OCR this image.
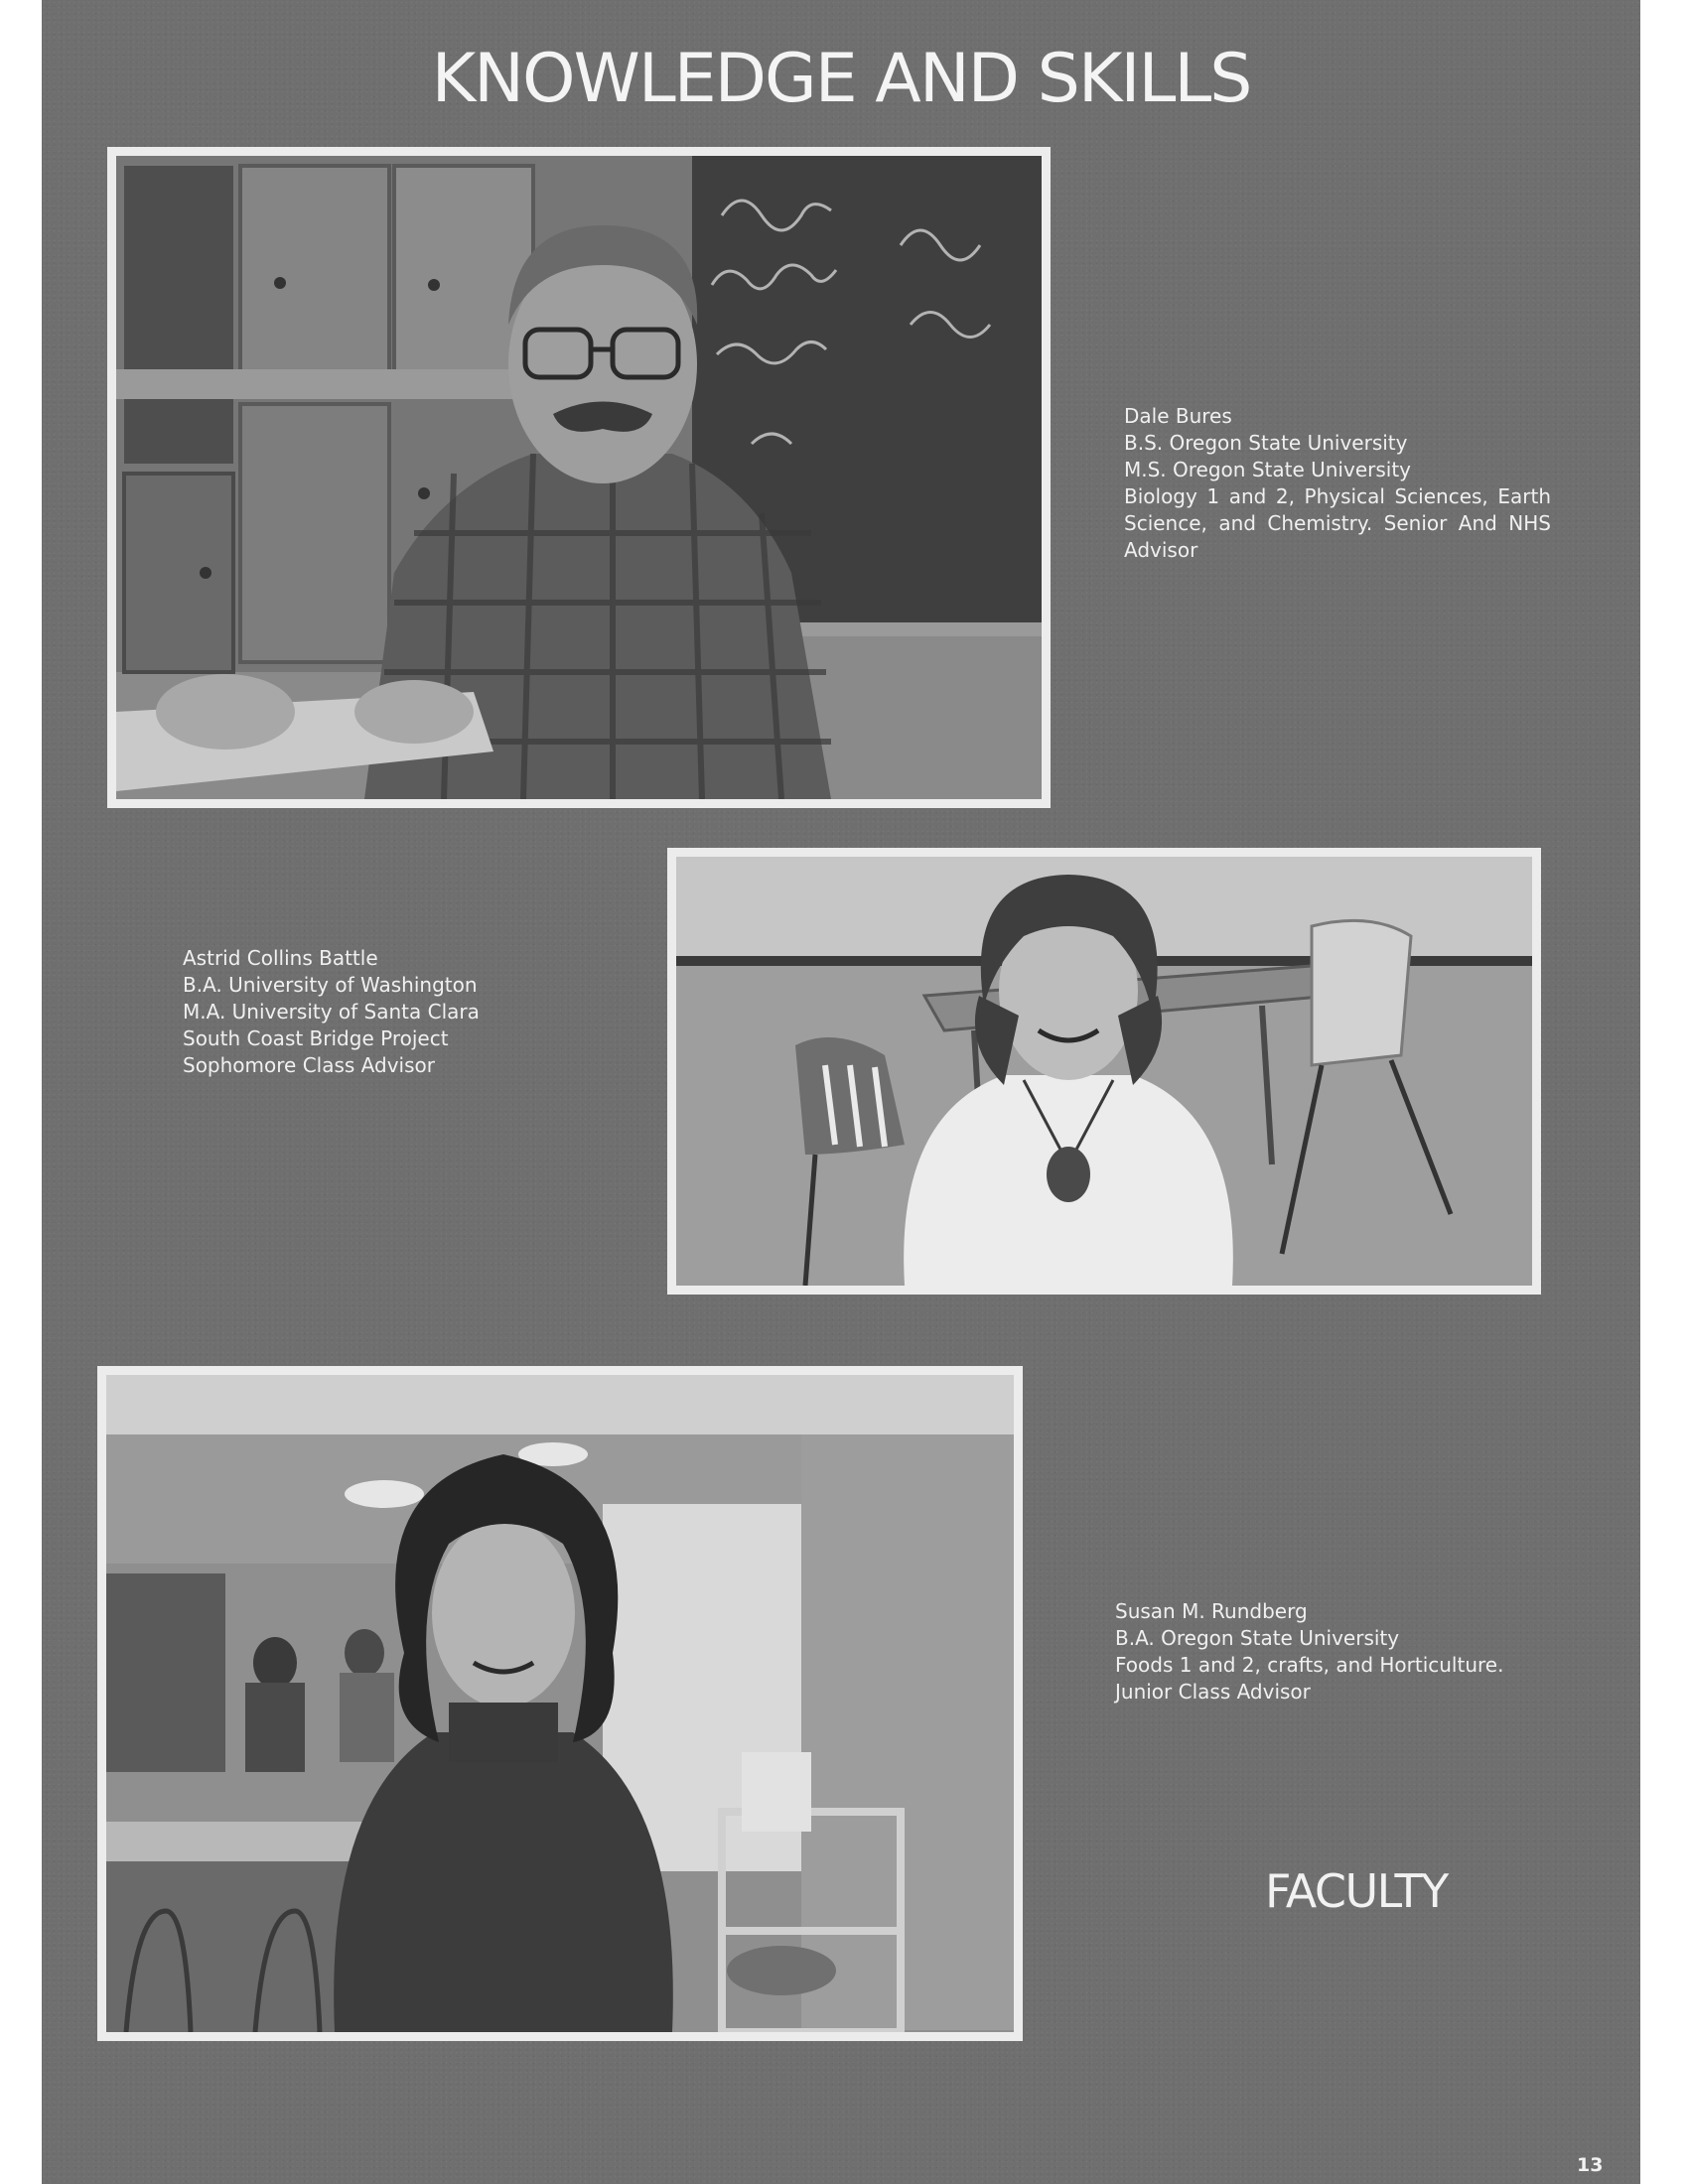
KNOWLEDGE AND SKILLS
Dale Bures
B.S. Oregon State University
M.S. Oregon State University
Biology 1 and 2, Physical Sciences, Earth Science, and Chemistry. Senior And NHS Advisor
Astrid Collins Battle
B.A. University of Washington
M.A. University of Santa Clara
South Coast Bridge Project
Sophomore Class Advisor
Susan M. Rundberg
B.A. Oregon State University
Foods 1 and 2, crafts, and Horticulture.
Junior Class Advisor
FACULTY
13
